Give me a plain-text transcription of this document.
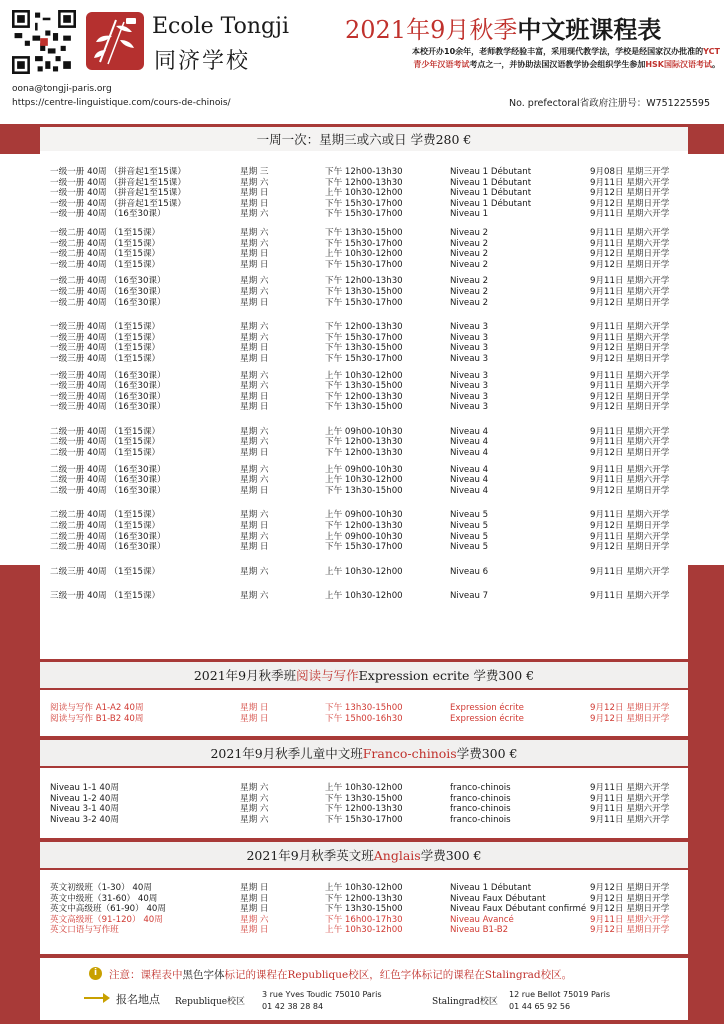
Ecole Tongji
同济学校
2021年9月秋季中文班课程表
本校开办10余年，老师教学经验丰富，采用现代教学法，学校是经国家汉办批准的YCT
青少年汉语考试考点之一，并协助法国汉语教学协会组织学生参加HSK国际汉语考试。
oona@tongji-paris.org
https://centre-linguistique.com/cours-de-chinois/	No. prefectoral省政府注册号：W751225595
一周一次：星期三或六或日 学费280 €
一级一册 40周 （拼音起1至15课）	星期 三	下午 12h00-13h30	Niveau 1 Débutant	9月08日 星期三开学
一级一册 40周 （拼音起1至15课）	星期 六	下午 12h00-13h30	Niveau 1 Débutant	9月11日 星期六开学
一级一册 40周 （拼音起1至15课）	星期 日	上午 10h30-12h00	Niveau 1 Débutant	9月12日 星期日开学
一级一册 40周 （拼音起1至15课）	星期 日	下午 15h30-17h00	Niveau 1 Débutant	9月12日 星期日开学
一级一册 40周 （16至30课）	星期 六	下午 15h30-17h00	Niveau 1	9月11日 星期六开学
一级二册 40周 （1至15课）	星期 六	下午 13h30-15h00	Niveau 2	9月11日 星期六开学
一级二册 40周 （1至15课）	星期 六	下午 15h30-17h00	Niveau 2	9月11日 星期六开学
一级二册 40周 （1至15课）	星期 日	上午 10h30-12h00	Niveau 2	9月12日 星期日开学
一级二册 40周 （1至15课）	星期 日	下午 15h30-17h00	Niveau 2	9月12日 星期日开学
一级二册 40周 （16至30课）	星期 六	下午 12h00-13h30	Niveau 2	9月11日 星期六开学
一级二册 40周 （16至30课）	星期 六	下午 13h30-15h00	Niveau 2	9月11日 星期六开学
一级二册 40周 （16至30课）	星期 日	下午 15h30-17h00	Niveau 2	9月12日 星期日开学
一级三册 40周 （1至15课）	星期 六	下午 12h00-13h30	Niveau 3	9月11日 星期六开学
一级三册 40周 （1至15课）	星期 六	下午 15h30-17h00	Niveau 3	9月11日 星期六开学
一级三册 40周 （1至15课）	星期 日	下午 13h30-15h00	Niveau 3	9月12日 星期日开学
一级三册 40周 （1至15课）	星期 日	下午 15h30-17h00	Niveau 3	9月12日 星期日开学
一级三册 40周 （16至30课）	星期 六	上午 10h30-12h00	Niveau 3	9月11日 星期六开学
一级三册 40周 （16至30课）	星期 六	下午 13h30-15h00	Niveau 3	9月11日 星期六开学
一级三册 40周 （16至30课）	星期 日	下午 12h00-13h30	Niveau 3	9月12日 星期日开学
一级三册 40周 （16至30课）	星期 日	下午 13h30-15h00	Niveau 3	9月12日 星期日开学
二级一册 40周 （1至15课）	星期 六	上午 09h00-10h30	Niveau 4	9月11日 星期六开学
二级一册 40周 （1至15课）	星期 六	下午 12h00-13h30	Niveau 4	9月11日 星期六开学
二级一册 40周 （1至15课）	星期 日	下午 12h00-13h30	Niveau 4	9月12日 星期日开学
二级一册 40周 （16至30课）	星期 六	上午 09h00-10h30	Niveau 4	9月11日 星期六开学
二级一册 40周 （16至30课）	星期 六	上午 10h30-12h00	Niveau 4	9月11日 星期六开学
二级一册 40周 （16至30课）	星期 日	下午 13h30-15h00	Niveau 4	9月12日 星期日开学
二级二册 40周 （1至15课）	星期 六	上午 09h00-10h30	Niveau 5	9月11日 星期六开学
二级二册 40周 （1至15课）	星期 日	下午 12h00-13h30	Niveau 5	9月12日 星期日开学
二级二册 40周 （16至30课）	星期 六	上午 09h00-10h30	Niveau 5	9月11日 星期六开学
二级二册 40周 （16至30课）	星期 日	下午 15h30-17h00	Niveau 5	9月12日 星期日开学
二级三册 40周 （1至15课）	星期 六	上午 10h30-12h00	Niveau 6	9月11日 星期六开学
三级一册 40周 （1至15课）	星期 六	上午 10h30-12h00	Niveau 7	9月11日 星期六开学
2021年9月秋季班 阅读与写作 Expression ecrite 学费300 €
阅读与写作 A1-A2 40周	星期 日	下午 13h30-15h00	Expression écrite	9月12日 星期日开学
阅读与写作 B1-B2 40周	星期 日	下午 15h00-16h30	Expression écrite	9月12日 星期日开学
2021年9月秋季儿童中文班 Franco-chinois 学费300 €
Niveau 1-1 40周	星期 六	上午 10h30-12h00	franco-chinois	9月11日 星期六开学
Niveau 1-2 40周	星期 六	下午 13h30-15h00	franco-chinois	9月11日 星期六开学
Niveau 3-1 40周	星期 六	下午 12h00-13h30	franco-chinois	9月11日 星期六开学
Niveau 3-2 40周	星期 六	下午 15h30-17h00	franco-chinois	9月11日 星期六开学
2021年9月秋季英文班 Anglais 学费300 €
英文初级班（1-30） 40周	星期 日	上午 10h30-12h00	Niveau 1 Débutant	9月12日 星期日开学
英文中级班（31-60） 40周	星期 日	下午 12h00-13h30	Niveau Faux Débutant	9月12日 星期日开学
英文中高级班（61-90） 40周	星期 日	下午 13h30-15h00	Niveau Faux Débutant confirmé 9月12日 星期日开学
英文高级班（91-120） 40周	星期 六	下午 16h00-17h30	Niveau Avancé	9月11日 星期六开学
英文口语与写作班	星期 日	上午 10h30-12h00	Niveau B1-B2	9月12日 星期日开学
i	注意：课程表中黑色字体标记的课程在Republique校区，红色字体标记的课程在Stalingrad校区。
报名地点 Republique校区
3 rue Yves Toudic 75010 Paris
01 42 38 28 84	Stalingrad校区
12 rue Bellot 75019 Paris
01 44 65 92 56
